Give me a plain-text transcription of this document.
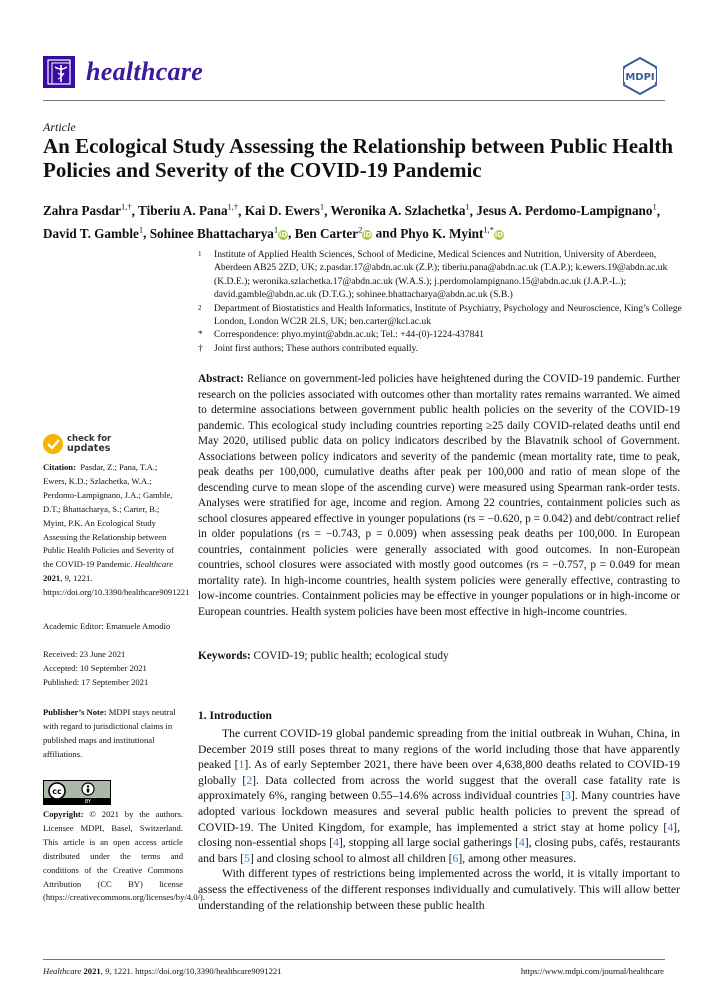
healthcare	MDPI
Article
An Ecological Study Assessing the Relationship between Public Health Policies and Severity of the COVID-19 Pandemic
Zahra Pasdar$^{1,\dagger}$, Tiberiu A. Pana$^{1,\dagger}$, Kai D. Ewers$^1$, Weronika A. Szlachetka$^1$, Jesus A. Perdomo-Lampignano$^1$, David T. Gamble$^1$, Sohinee Bhattacharya$^1$iD, Ben Carter$^2$iD and Phyo K. Myint$^{1,*}$iD
1 Institute of Applied Health Sciences, School of Medicine, Medical Sciences and Nutrition, University of Aberdeen, Aberdeen AB25 2ZD, UK; z.pasdar.17@abdn.ac.uk (Z.P.); tiberiu.pana@abdn.ac.uk (T.A.P.); k.ewers.19@abdn.ac.uk (K.D.E.); weronika.szlachetka.17@abdn.ac.uk (W.A.S.); j.perdomolampignano.15@abdn.ac.uk (J.A.P.-L.); david.gamble@abdn.ac.uk (D.T.G.); sohinee.bhattacharya@abdn.ac.uk (S.B.)
2 Department of Biostatistics and Health Informatics, Institute of Psychiatry, Psychology and Neuroscience, King’s College London, London WC2R 2LS, UK; ben.carter@kcl.ac.uk
* Correspondence: phyo.myint@abdn.ac.uk; Tel.: +44-(0)-1224-437841
† Joint first authors; These authors contributed equally.
Abstract: Reliance on government-led policies have heightened during the COVID-19 pandemic. Further research on the policies associated with outcomes other than mortality rates remains warranted. We aimed to determine associations between government public health policies on the severity of the COVID-19 pandemic. This ecological study including countries reporting ≥25 daily COVID-related deaths until end May 2020, utilised public data on policy indicators described by the Blavatnik school of Government. Associations between policy indicators and severity of the pandemic (mean mortality rate, time to peak, peak deaths per 100,000, cumulative deaths after peak per 100,000 and ratio of mean slope of the descending curve to mean slope of the ascending curve) were measured using Spearman rank-order tests. Analyses were stratified for age, income and region. Among 22 countries, containment policies such as school closures appeared effective in younger populations (rs = −0.620, p = 0.042) and debt/contract relief in older populations (rs = −0.743, p = 0.009) when assessing peak deaths per 100,000. In European countries, containment policies were generally associated with good outcomes. In non-European countries, school closures were associated with mostly good outcomes (rs = −0.757, p = 0.049 for mean mortality rate). In high-income countries, health system policies were generally effective, contrasting to low-income countries. Containment policies may be effective in younger populations or in high-income or European countries. Health system policies have been most effective in high-income countries.
Keywords: COVID-19; public health; ecological study
1. Introduction

The current COVID-19 global pandemic spreading from the initial outbreak in Wuhan, China, in December 2019 still poses threat to many regions of the world including those that have apparently peaked [1]. As of early September 2021, there have been over 4,638,800 deaths related to COVID-19 globally [2]. Data collected from across the world suggest that the overall case fatality rate is approximately 6%, ranging between 0.55–14.6% across individual countries [3]. Many countries have adopted various lockdown measures and several public health policies to prevent the spread of COVID-19. The United Kingdom, for example, has implemented a strict stay at home policy [4], closing non-essential shops [4], stopping all large social gatherings [4], closing pubs, cafés, restaurants and bars [5] and closing school to almost all children [6], among other measures.

With different types of restrictions being implemented across the world, it is vitally important to assess the effectiveness of the different responses individually and cumulatively. This will allow better understanding of the relationship between these public health

check for
updates
Citation: Pasdar, Z.; Pana, T.A.; Ewers, K.D.; Szlachetka, W.A.; Perdomo-Lampignano, J.A.; Gamble, D.T.; Bhattacharya, S.; Carter, B.; Myint, P.K. An Ecological Study Assessing the Relationship between Public Health Policies and Severity of the COVID-19 Pandemic. Healthcare 2021, 9, 1221. https://doi.org/10.3390/healthcare9091221
Academic Editor: Emanuele Amodio
Received: 23 June 2021
Accepted: 10 September 2021
Published: 17 September 2021
Publisher’s Note: MDPI stays neutral with regard to jurisdictional claims in published maps and institutional affiliations.
cc
BY
Copyright: © 2021 by the authors. Licensee MDPI, Basel, Switzerland. This article is an open access article distributed under the terms and conditions of the Creative Commons Attribution (CC BY) license (https://creativecommons.org/licenses/by/4.0/).
Healthcare 2021, 9, 1221. https://doi.org/10.3390/healthcare9091221	https://www.mdpi.com/journal/healthcare
